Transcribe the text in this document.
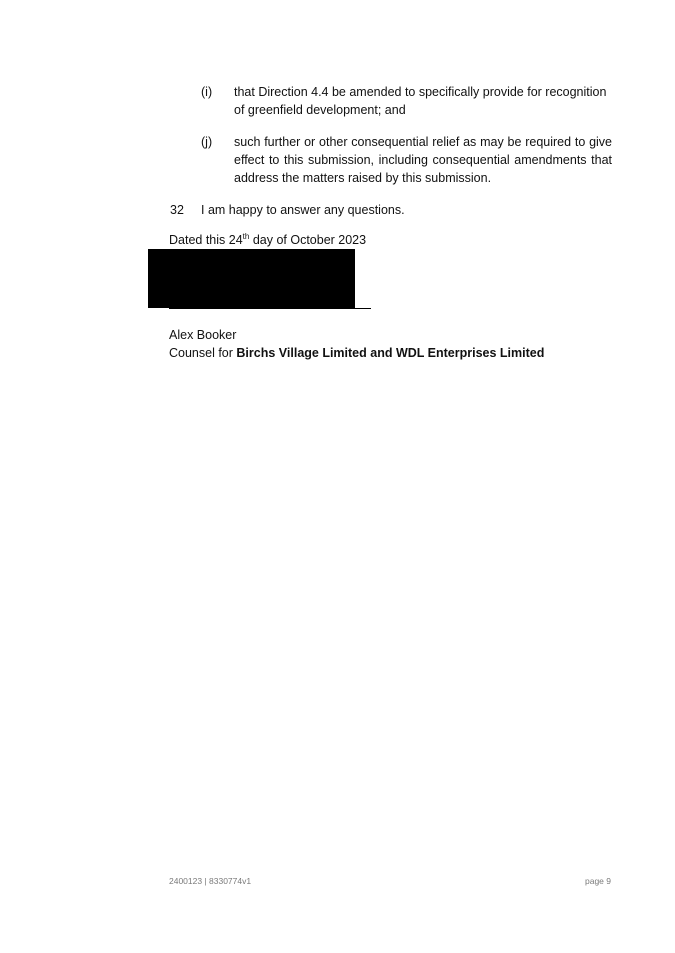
(i) that Direction 4.4 be amended to specifically provide for recognition
of greenfield development; and
(j) such further or other consequential relief as may be required to give
effect to this submission, including consequential amendments that
address the matters raised by this submission.
32 I am happy to answer any questions.
Dated this 24th day of October 2023
Alex Booker
Counsel for Birchs Village Limited and WDL Enterprises Limited
2400123 | 8330774v1	page 9
